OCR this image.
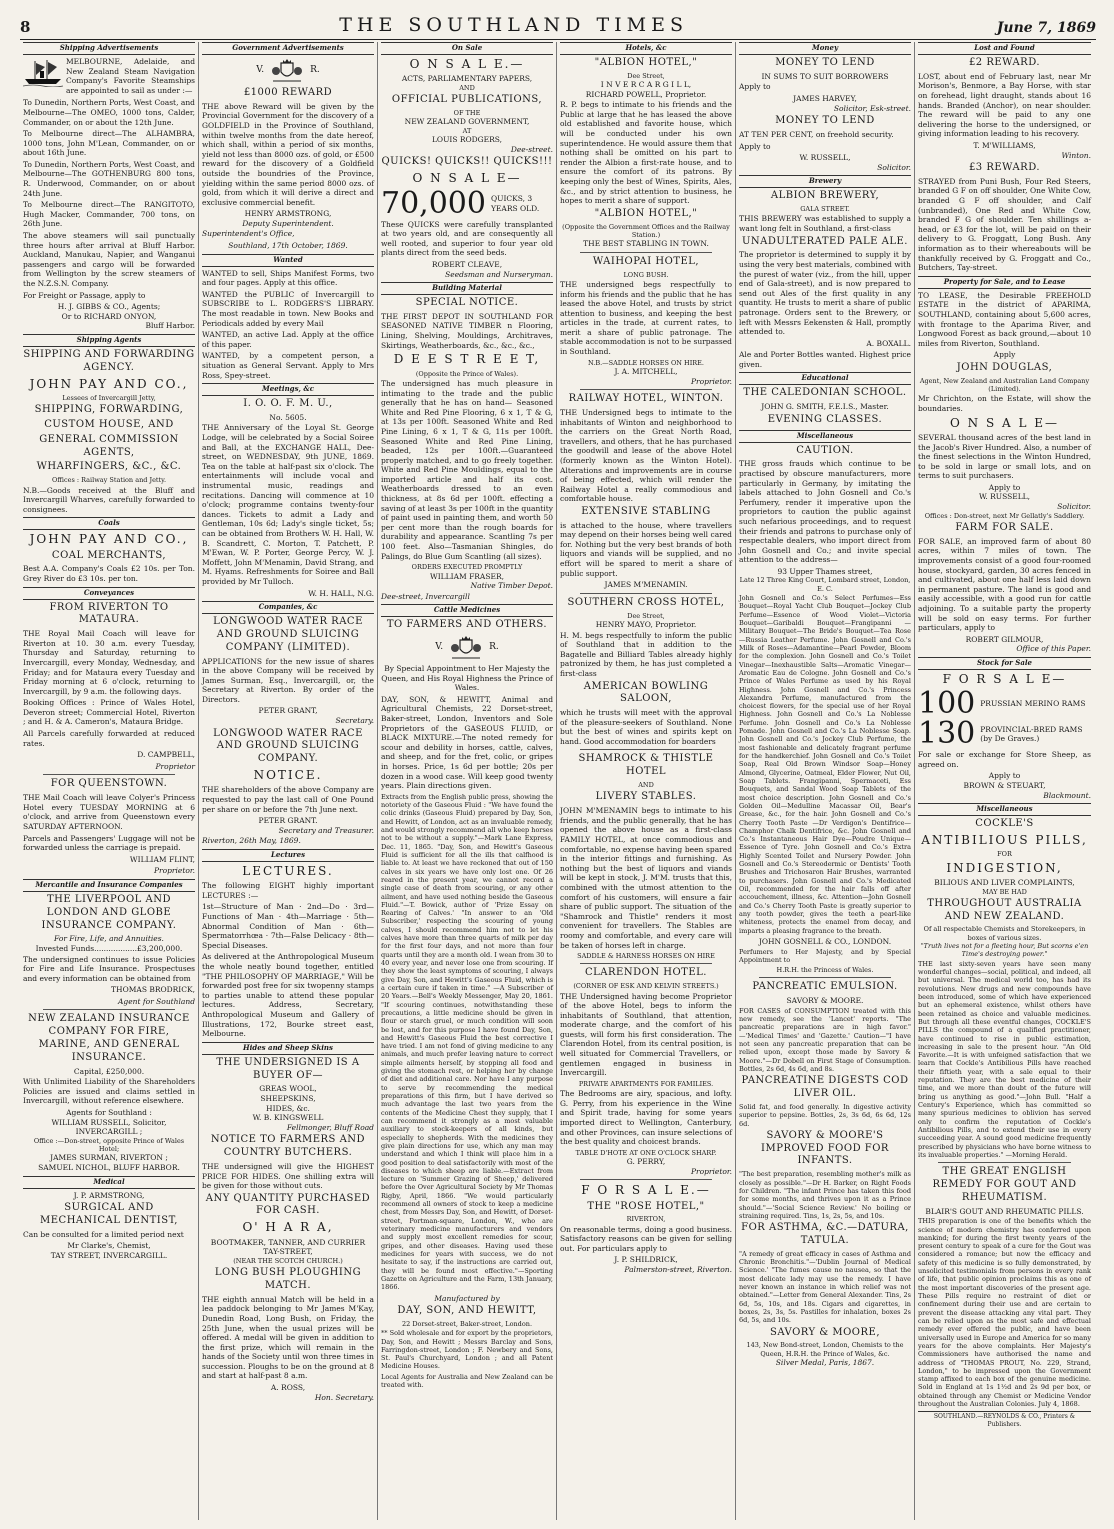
8	THE SOUTHLAND TIMES	June 7, 1869
Shipping Advertisements
MELBOURNE, Adelaide, and New Zealand Steam Navigation Company's Favorite Steamships are appointed to sail as under :—
To Dunedin, Northern Ports, West Coast, and Melbourne—The OMEO, 1000 tons, Calder, Commander, on or about the 12th June.
To Melbourne direct—The ALHAMBRA, 1000 tons, John M'Lean, Commander, on or about 16th June.
To Dunedin, Northern Ports, West Coast, and Melbourne—The GOTHENBURG 800 tons, R. Underwood, Commander, on or about 24th June.
To Melbourne direct—The RANGITOTO, Hugh Macker, Commander, 700 tons, on 26th June.
The above steamers will sail punctually three hours after arrival at Bluff Harbor. Auckland, Manukau, Napier, and Wanganui passengers and cargo will be forwarded from Wellington by the screw steamers of the N.Z.S.N. Company.
For Freight or Passage, apply to
H. J. GIBBS & CO., Agents;
Or to RICHARD ONYON,
Bluff Harbor.
Shipping Agents
SHIPPING AND FORWARDING AGENCY.
JOHN PAY AND CO.,
Lessees of Invercargill Jetty,
SHIPPING, FORWARDING,
CUSTOM HOUSE, AND
GENERAL COMMISSION AGENTS,
WHARFINGERS, &C., &C.
Offices : Railway Station and Jetty.
N.B.—Goods received at the Bluff and Invercargill Wharves, carefully forwarded to consignees.
Coals
JOHN PAY AND CO.,
COAL MERCHANTS,
Best A.A. Company's Coals £2 10s. per Ton. Grey River do £3 10s. per ton.
Conveyances
FROM RIVERTON TO MATAURA.
THE Royal Mail Coach will leave for Riverton at 10. 30 a.m. every Tuesday, Thursday and Saturday, returning to Invercargill, every Monday, Wednesday, and Friday; and for Mataura every Tuesday and Friday morning at 6 o'clock, returning to Invercargill, by 9 a.m. the following days.
Booking Offices : Prince of Wales Hotel, Deveron street; Commercial Hotel, Riverton ; and H. & A. Cameron's, Mataura Bridge.
All Parcels carefully forwarded at reduced rates.
D. CAMPBELL,
Proprietor
FOR QUEENSTOWN.
THE Mail Coach will leave Colyer's Princess Hotel every TUESDAY MORNING at 6 o'clock, and arrive from Queenstown every SATURDAY AFTERNOON.
Parcels and Passengers' Luggage will not be forwarded unless the carriage is prepaid.
WILLIAM FLINT,
Proprietor.
Mercantile and Insurance Companies
THE LIVERPOOL AND LONDON AND GLOBE INSURANCE COMPANY.
For Fire, Life, and Annuities.
Invested Funds..................£3,200,000.
The undersigned continues to issue Policies for Fire and Life Insurance. Prospectuses and every information can be obtained from
THOMAS BRODRICK,
Agent for Southland
NEW ZEALAND INSURANCE COMPANY FOR FIRE, MARINE, AND GENERAL INSURANCE.
Capital, £250,000.
With Unlimited Liability of the Shareholders Policies are issued and claims settled in Invercargill, without reference elsewhere.
Agents for Southland :
WILLIAM RUSSELL, Solicitor, INVERCARGILL ;
Office :—Don-street, opposite Prince of Wales Hotel;
JAMES SURMAN, RIVERTON ;
SAMUEL NICHOL, BLUFF HARBOR.
Medical
J. P. ARMSTRONG,
SURGICAL AND MECHANICAL DENTIST,
Can be consulted for a limited period next
Mr Clarke's, Chemist,
TAY STREET, INVERCARGILL.
Government Advertisements
V.	R.
£1000 REWARD
THE above Reward will be given by the Provincial Government for the discovery of a GOLDFIELD in the Province of Southland, within twelve months from the date hereof, which shall, within a period of six months, yield not less than 8000 ozs. of gold, or £500 reward for the discovery of a Goldfield outside the boundries of the Province, yielding within the same period 8000 ozs. of gold, from which it will derive a direct and exclusive commercial benefit.
HENRY ARMSTRONG,
Deputy Superintendent.
Superintendent's Office,
Southland, 17th October, 1869.
Wanted
WANTED to sell, Ships Manifest Forms, two and four pages. Apply at this office.
WANTED the PUBLIC of Invercargill to SUBSCRIBE to L. RODGERS'S LIBRARY. The most readable in town. New Books and Periodicals added by every Mail
WANTED, an active Lad. Apply at the office of this paper.
WANTED, by a competent person, a situation as General Servant. Apply to Mrs Ross, Spey-street.
Meetings, &c
I. O. O. F. M. U.,
No. 5605.
THE Anniversary of the Loyal St. George Lodge, will be celebrated by a Social Soiree and Ball, at the EXCHANGE HALL, Dee-street, on WEDNESDAY, 9th JUNE, 1869. Tea on the table at half-past six o'clock. The entertainments will include vocal and instrumental music, readings and recitations. Dancing will commence at 10 o'clock; programme contains twenty-four dances. Tickets to admit a Lady and Gentleman, 10s 6d; Lady's single ticket, 5s; can be obtained from Brothers W. H. Hall, W. B. Scandrett, C. Morton, T. Patchett, P. M'Ewan, W. P. Porter, George Percy, W. J. Moffett, John M'Menamin, David Strang, and M. Hyams. Refreshments for Soiree and Ball provided by Mr Tulloch.
W. H. HALL, N.G.
Companies, &c
LONGWOOD WATER RACE AND GROUND SLUICING COMPANY (LIMITED).
APPLICATIONS for the new issue of shares in the above Company will be received by James Surman, Esq., Invercargill, or, the Secretary at Riverton. By order of the Directors.
PETER GRANT,
Secretary.
LONGWOOD WATER RACE AND GROUND SLUICING COMPANY.
NOTICE.
THE shareholders of the above Company are requested to pay the last call of One Pound per share on or before the 7th June next.
PETER GRANT.
Secretary and Treasurer.
Riverton, 26th May, 1869.
Lectures
LECTURES.
The following EIGHT highly important LECTURES :—
1st—Structure of Man · 2nd—Do · 3rd—Functions of Man · 4th—Marriage · 5th—Abnormal Condition of Man · 6th—Spermatorrhœa · 7th—False Delicacy · 8th—Special Diseases.
As delivered at the Anthropological Museum the whole neatly bound together, entitled "THE PHILOSOPHY OF MARRIAGE," Will be forwarded post free for six twopenny stamps to parties unable to attend these popular lectures. Address, Secretary, Anthropological Museum and Gallery of Illustrations, 172, Bourke street east, Melbourne.
Hides and Sheep Skins
THE UNDERSIGNED IS A BUYER OF—
GREAS WOOL,
SHEEPSKINS,
HIDES, &c.
W. B. KINGSWELL
Fellmonger, Bluff Road
NOTICE TO FARMERS AND COUNTRY BUTCHERS.
THE undersigned will give the HIGHEST PRICE FOR HIDES. One shilling extra will be given for those without cuts.
ANY QUANTITY PURCHASED FOR CASH.
O' H A R A,
BOOTMAKER, TANNER, AND CURRIER TAY-STREET,
(NEAR THE SCOTCH CHURCH.)
LONG BUSH PLOUGHING MATCH.
THE eighth annual Match will be held in a lea paddock belonging to Mr James M'Kay, Dunedin Road, Long Bush, on Friday, the 25th June, when the usual prizes will be offered. A medal will be given in addition to the first prize, which will remain in the hands of the Society until won three times in succession. Ploughs to be on the ground at 8 and start at half-past 8 a.m.
A. ROSS,
Hon. Secretary.
On Sale
O N S A L E.—
ACTS, PARLIAMENTARY PAPERS,
AND
OFFICIAL PUBLICATIONS,
OF THE
NEW ZEALAND GOVERNMENT,
AT
LOUIS RODGERS,
Dee-street.
QUICKS! QUICKS!! QUICKS!!!
O N S A L E—
70,000 QUICKS, 3 YEARS OLD.
These QUICKS were carefully transplanted at two years old, and are consequently all well rooted, and superior to four year old plants direct from the seed beds.
ROBERT CLEAVE,
Seedsman and Nurseryman.
Building Material
SPECIAL NOTICE.
THE FIRST DEPOT IN SOUTHLAND FOR SEASONED NATIVE TIMBER n Flooring, Lining, Shelving, Mouldings, Architraves, Skirtings, Weatherboards, &c., &c., &c.,
D E E S T R E E T,
(Opposite the Prince of Wales).
The undersigned has much pleasure in intimating to the trade and the public generally that he has on hand— Seasoned White and Red Pine Flooring, 6 x 1, T & G, at 13s per 100ft. Seasoned White and Red Pine Lining, 6 x 1, T & G, 11s per 100ft. Seasoned White and Red Pine Lining, beaded, 12s per 100ft.—Guaranteed properly matched, and to go freely together. White and Red Pine Mouldings, equal to the imported article and half its cost. Weatherboards dressed to an even thickness, at 8s 6d per 100ft. effecting a saving of at least 3s per 100ft in the quantity of paint used in painting them, and worth 50 per cent more than the rough boards for durability and appearance. Scantling 7s per 100 feet. Also—Tasmanian Shingles, do Palings, do Blue Gum Scantling (all sizes).
ORDERS EXECUTED PROMPTLY
WILLIAM FRASER,
Native Timber Depot.
Dee-street, Invercargill
Cattle Medicines
TO FARMERS AND OTHERS.
V.	R.
By Special Appointment to Her Majesty the Queen, and His Royal Highness the Prince of Wales.
DAY, SON, & HEWITT, Animal and Agricultural Chemists, 22 Dorset-street, Baker-street, London, Inventors and Sole Proprietors of the GASEOUS FLUID, or BLACK MIXTURE.—The noted remedy for scour and debility in horses, cattle, calves, and sheep, and for the fret, colic, or gripes in horses. Price, 1s 6d per bottle; 20s per dozen in a wood case. Will keep good twenty years. Plain directions given.
Extracts from the English public press, showing the notoriety of the Gaseous Fluid : "We have found the colic drinks (Gaseous Fluid) prepared by Day, Son, and Hewitt, of London, act as an invaluable remedy, and would strongly recommend all who keep horses not to be without a supply."—Mark Lane Express, Dec. 11, 1865. "Day, Son, and Hewitt's Gaseous Fluid is sufficient for all the ills that calfhood is liable to. At least we have reckoned that out of 150 calves in six years we have only lost one. Of 26 reared in the present year, we cannot record a single case of death from scouring, or any other ailment, and have used nothing beside the Gaseous Fluid."—T. Bowick, author of 'Prize Essay on Rearing of Calves.' "In answer to an 'Old Subscriber,' respecting the scouring of young calves, I should recommend him not to let his calves have more than three quarts of milk per day for the first four days, and not more than four quarts until they are a month old. I wean from 30 to 40 every year, and never lose one from scouring. If they show the least symptoms of scouring, I always give Day, Son, and Hewitt's Gaseous Fluid, which is a certain cure if taken in time." —A Subscriber of 20 Years.—Bell's Weekly Messenger, May 20, 1861. "If scouring continues, notwithstanding these precautions, a little medicine should be given in flour or starch gruel, or much condition will soon be lost, and for this purpose I have found Day, Son, and Hewitt's Gaseous Fluid the best corrective I have tried. I am not fond of giving medicine to any animals, and much prefer leaving nature to correct simple ailments herself, by stopping all food and giving the stomach rest, or helping her by change of diet and additional care. Nor have I any purpose to serve by recommending the medical preparations of this firm, but I have derived so much advantage the last two years from the contents of the Medicine Chest they supply, that I can recommend it strongly as a most valuable auxiliary to stock-keepers of all kinds, but especially to shepherds. With the medicines they give plain directions for use, which any man may understand and which I think will place him in a good position to deal satisfactorily with most of the diseases to which sheep are liable.—Extract from lecture on 'Summer Grazing of Sheep,' delivered before the Over Agricultural Society by Mr Thomas Rigby, April, 1866. "We would particularly recommend all owners of stock to keep a medicine chest, from Messrs Day, Son, and Hewitt, of Dorset-street, Portman-square, London, W., who are veterinary medicine manufacturers and vendors and supply most excellent remedies for scour, gripes, and other diseases. Having used these medicines for years with success, we do not hesitate to say, if the instructions are carried out, they will be found most effective."—Sporting Gazette on Agriculture and the Farm, 13th January, 1866.
Manufactured by
DAY, SON, AND HEWITT,
22 Dorset-street, Baker-street, London.
** Sold wholesale and for export by the proprietors, Day, Son, and Hewitt ; Messrs Barclay and Sons, Farringdon-street, London ; F. Newbery and Sons, St. Paul's Churchyard, London ; and all Patent Medicine Houses.
Local Agents for Australia and New Zealand can be treated with.
Hotels, &c
"ALBION HOTEL,"
Dee Street,
I N V E R C A R G I L L,
RICHARD POWELL, Proprietor.
R. P. begs to intimate to his friends and the Public at large that he has leased the above old established and favorite house, which will be conducted under his own superintendence. He would assure them that nothing shall be omitted on his part to render the Albion a first-rate house, and to ensure the comfort of its patrons. By keeping only the best of Wines, Spirits, Ales, &c., and by strict attention to business, he hopes to merit a share of support.
"ALBION HOTEL,"
(Opposite the Government Offices and the Railway Station.)
THE BEST STABLING IN TOWN.
WAIHOPAI HOTEL,
LONG BUSH.
THE undersigned begs respectfully to inform his friends and the public that he has leased the above Hotel, and trusts by strict attention to business, and keeping the best articles in the trade, at current rates, to merit a share of public patronage. The stable accommodation is not to be surpassed in Southland.
N.B.—SADDLE HORSES ON HIRE.
J. A. MITCHELL,
Proprietor.
RAILWAY HOTEL, WINTON.
THE Undersigned begs to intimate to the inhabitants of Winton and neighborhood to the carriers on the Great North Road, travellers, and others, that he has purchased the goodwill and lease of the above Hotel (formerly known as the Winton Hotel). Alterations and improvements are in course of being effected, which will render the Railway Hotel a really commodious and comfortable house.
EXTENSIVE STABLING
is attached to the house, where travellers may depend on their horses being well cared for. Nothing but the very best brands of both liquors and viands will be supplied, and no effort will be spared to merit a share of public support.
JAMES M'MENAMIN.
SOUTHERN CROSS HOTEL,
Dee Street,
HENRY MAYO, Proprietor.
H. M. begs respectfully to inform the public of Southland that in addition to the Bagatelle and Billiard Tables already highly patronized by them, he has just completed a first-class
AMERICAN BOWLING SALOON,
which he trusts will meet with the approval of the pleasure-seekers of Southland. None but the best of wines and spirits kept on hand. Good accommodation for boarders
SHAMROCK & THISTLE HOTEL
AND
LIVERY STABLES.
JOHN M'MENAMIN begs to intimate to his friends, and the public generally, that he has opened the above house as a first-class FAMILY HOTEL, at once commodious and comfortable, no expense having been spared in the interior fittings and furnishing. As nothing but the best of liquors and viands will be kept in stock, J. M'M. trusts that this, combined with the utmost attention to the comfort of his customers, will ensure a fair share of public support. The situation of the "Shamrock and Thistle" renders it most convenient for travellers. The Stables are roomy and comfortable, and every care will be taken of horses left in charge.
SADDLE & HARNESS HORSES ON HIRE
CLARENDON HOTEL.
(CORNER OF ESK AND KELVIN STREETS.)
THE Undersigned having become Proprietor of the above Hotel, begs to inform the inhabitants of Southland, that attention, moderate charge, and the comfort of his guests, will form his first consideration. The Clarendon Hotel, from its central position, is well situated for Commercial Travellers, or gentlemen engaged in business in Invercargill.
PRIVATE APARTMENTS FOR FAMILIES.
The Bedrooms are airy, spacious, and lofty. G. Perry, from his experience in the Wine and Spirit trade, having for some years imported direct to Wellington, Canterbury, and other Provinces, can insure selections of the best quality and choicest brands.
TABLE D'HOTE AT ONE O'CLOCK SHARP.
G. PERRY,
Proprietor.
F O R S A L E.—
THE "ROSE HOTEL,"
RIVERTON,
On reasonable terms, doing a good business. Satisfactory reasons can be given for selling out. For particulars apply to
J. P. SHILDRICK,
Palmerston-street, Riverton.
Money
MONEY TO LEND
IN SUMS TO SUIT BORROWERS
Apply to
JAMES HARVEY,
Solicitor, Esk-street.
MONEY TO LEND
AT TEN PER CENT, on freehold security.
Apply to
W. RUSSELL,
Solicitor.
Brewery
ALBION BREWERY,
GALA STREET.
THIS BREWERY was established to supply a want long felt in Southland, a first-class
UNADULTERATED PALE ALE.
The proprietor is determined to supply it by using the very best materials, combined with the purest of water (viz., from the hill, upper end of Gala-street), and is now prepared to send out Ales of the first quality in any quantity. He trusts to merit a share of public patronage. Orders sent to the Brewery, or left with Messrs Eekensten & Hall, promptly attended to.
A. BOXALL.
Ale and Porter Bottles wanted. Highest price given.
Educational
THE CALEDONIAN SCHOOL.
JOHN G. SMITH, F.E.I.S., Master.
EVENING CLASSES.
Miscellaneous
CAUTION.
THE gross frauds which continue to be practised by obscure manufacturers, more particularly in Germany, by imitating the labels attached to John Gosnell and Co.'s Perfumery, render it imperative upon the proprietors to caution the public against such nefarious proceedings, and to request their friends and patrons to purchase only of respectable dealers, who import direct from John Gosnell and Co.; and invite special attention to the address—
93 Upper Thames street,
Late 12 Three King Court, Lombard street, London, E. C.
John Gosnell and Co.'s Select Perfumes—Ess Bouquet—Royal Yacht Club Bouquet—Jockey Club Perfume—Essence of Wood Violet—Victoria Bouquet—Garibaldi Bouquet—Frangipanni —Military Bouquet—The Bride's Bouquet—Tea Rose—Russia Leather Perfume. John Gosnell and Co.'s Milk of Roses—Adamantine—Pearl Powder, Bloom for the complexion. John Gosnell and Co.'s Toilet Vinegar—Inexhaustible Salts—Aromatic Vinegar—Aromatic Eau de Cologne. John Gosnell and Co.'s Prince of Wales Perfume as used by his Royal Highness. John Gosnell and Co.'s Princess Alexandra Perfume, manufactured from the choicest flowers, for the special use of her Royal Highness. John Gosnell and Co.'s La Noblesse Perfume. John Gosnell and Co.'s La Noblesse Pomade. John Gosnell and Co.'s La Noblesse Soap. John Gosnell and Co.'s Jockey Club Perfume, the most fashionable and delicately fragrant perfume for the handkerchief. John Gosnell and Co.'s Toilet Soap, Real Old Brown Windsor Soap—Honey Almond, Glycerine, Oatmeal, Elder Flower, Nut Oil, Soap Tablets. Frangipanni, Spermaceti, Ess Bouquets, and Sandal Wood Soap Tablets of the most choice description. John Gosnell and Co.'s Golden Oil—Medulline Macassar Oil, Bear's Grease, &c., for the hair. John Gosnell and Co.'s Cherry Tooth Paste —Dr Verdigon's Dentifrice—Champhor Chalk Dentifrice, &c. John Gosnell and Co.'s Instantaneous Hair Dye—Poudre Unique—Essence of Tyre. John Gosnell and Co.'s Extra Highly Scented Toilet and Nursery Powder. John Gosnell and Co.'s Stereodermic or Dentists' Tooth Brushes and Trichosaron Hair Brushes, warranted to purchasers. John Gosnell and Co.'s Medicated Oil, recommended for the hair falls off after accouchement, illness, &c. Attention—John Gosnell and Co.'s Cherry Tooth Paste is greatly superior to any tooth powder, gives the teeth a pearl-like whiteness, protects the enamel from decay, and imparts a pleasing fragrance to the breath.
JOHN GOSNELL & CO., LONDON.
Perfumers to Her Majesty, and by Special Appointment to
H.R.H. the Princess of Wales.
PANCREATIC EMULSION.
SAVORY & MOORE.
FOR CASES of CONSUMPTION treated with this new remedy, see the 'Lancet' reports. "The pancreatic preparations are in high favor." —'Medical Times' and 'Gazette.' Caution—"I have not seen any pancreatic preparation that can be relied upon, except those made by Savory & Moore."—Dr Dobell on First Stage of Consumption. Bottles, 2s 6d, 4s 6d, and 8s.
PANCREATINE DIGESTS COD LIVER OIL.
Solid fat, and food generally. In digestive activity superior to pepsine. Bottles, 2s, 3s 6d, 6s 6d, 12s 6d.
SAVORY & MOORE'S IMPROVED FOOD FOR INFANTS.
"The best preparation, resembling mother's milk as closely as possible."—Dr H. Barker, on Right Foods for Children. "The infant Prince has taken this food for some months, and thrives upon it as a Prince should."—'Social Science Review.' No boiling or straining required. Tins, 1s, 2s, 5s, and 10s.
FOR ASTHMA, &C.—DATURA, TATULA.
"A remedy of great efficacy in cases of Asthma and Chronic Bronchitis."—'Dublin Journal of Medical Science.' "The fumes cause no nausea, so that the most delicate lady may use the remedy. I have never known an instance in which relief was not obtained."—Letter from General Alexander. Tins, 2s 6d, 5s, 10s, and 18s. Cigars and cigarettes, in boxes, 2s, 3s, 5s. Pastilles for inhalation, boxes 2s 6d, 5s, and 10s.
SAVORY & MOORE,
143, New Bond-street, London, Chemists to the Queen, H.R.H. the Prince of Wales, &c.
Silver Medal, Paris, 1867.
Lost and Found
£2 REWARD.
LOST, about end of February last, near Mr Morison's, Benmore, a Bay Horse, with star on forehead, light draught, stands about 16 hands. Branded (Anchor), on near shoulder. The reward will be paid to any one delivering the horse to the undersigned, or giving information leading to his recovery.
T. M'WILLIAMS,
Winton.
£3 REWARD.
STRAYED from Puni Bush, Four Red Steers, branded G F on off shoulder, One White Cow, branded G F off shoulder, and Calf (unbranded), One Red and White Cow, branded F G of shoulder. Ten shillings a-head, or £3 for the lot, will be paid on their delivery to G. Froggatt, Long Bush. Any information as to their whereabouts will be thankfully received by G. Froggatt and Co., Butchers, Tay-street.
Property for Sale, and to Lease
TO LEASE, the Desirable FREEHOLD ESTATE in the district of APARIMA, SOUTHLAND, containing about 5,600 acres, with frontage to the Aparima River, and Longwood Forest as back ground,—about 10 miles from Riverton, Southland.
Apply
JOHN DOUGLAS,
Agent, New Zealand and Australian Land Company (Limited).
Mr Chrichton, on the Estate, will show the boundaries.
O N S A L E—
SEVERAL thousand acres of the best land in the Jacob's River Hundred. Also, a number of the finest selections in the Winton Hundred, to be sold in large or small lots, and on terms to suit purchasers.
Apply to
W. RUSSELL,
Solicitor.
Offices : Don-street, next Mr Gellatly's Saddlery.
FARM FOR SALE.
FOR SALE, an improved farm of about 80 acres, within 7 miles of town. The improvements consist of a good four-roomed house, stockyard, garden, 30 acres fenced in and cultivated, about one half less laid down in permanent pasture. The land is good and easily accessible, with a good run for cattle adjoining. To a suitable party the property will be sold on easy terms. For further particulars, apply to
ROBERT GILMOUR,
Office of this Paper.
Stock for Sale
F O R S A L E—
100 PRUSSIAN MERINO RAMS
130 PROVINCIAL-BRED RAMS (by De Graves.)
For sale or exchange for Store Sheep, as agreed on.
Apply to
BROWN & STEUART,
Blackmount.
Miscellaneous
COCKLE'S
ANTIBILIOUS PILLS,
FOR
INDIGESTION,
BILIOUS AND LIVER COMPLAINTS,
MAY BE HAD
THROUGHOUT AUSTRALIA AND NEW ZEALAND.
Of all respectable Chemists and Storekeepers, in boxes of various sizes.
"Truth lives not for a fleeting hour, But scorns e'en Time's destroying power."
THE last sixty-seven years have seen many wonderful changes—social, political, and indeed, all but universal. The medical world too, has had its revolutions. New drugs and new compounds have been introduced, some of which have experienced but an ephemeral existence, whilst others have been retained as choice and valuable medicines. But through all these eventful changes, COCKLE'S PILLS the compound of a qualified practitioner, have continued to rise in public estimation, increasing in sale to the present hour. "An Old Favorite.—It is with unfeigned satisfaction that we learn that Cockle's Antibilious Pills have reached their fiftieth year, with a sale equal to their reputation. They are the best medicine of their time, and we more than doubt of the future will bring us anything as good."—John Bull. "Half a Century's Experience, which has committed so many spurious medicines to oblivion has served only to confirm the reputation of Cockle's Antibilious Pills, and to extend their use in every succeeding year. A sound good medicine frequently prescribed by physicians who have borne witness to its invaluable properties." —Morning Herald.
THE GREAT ENGLISH REMEDY FOR GOUT AND RHEUMATISM.
BLAIR'S GOUT AND RHEUMATIC PILLS.
THIS preparation is one of the benefits which the science of modern chemistry has conferred upon mankind; for during the first twenty years of the present century to speak of a cure for the Gout was considered a romance; but now the efficacy and safety of this medicine is so fully demonstrated, by unsolicited testimonials from persons in every rank of life, that public opinion proclaims this as one of the most important discoveries of the present age. These Pills require no restraint of diet or confinement during their use and are certain to prevent the disease attacking any vital part. They can be relied upon as the most safe and effectual remedy ever offered the public, and have been universally used in Europe and America for so many years for the above complaints. Her Majesty's Commissioners have authorised the name and address of "THOMAS PROUT, No. 229, Strand, London," to be impressed upon the Government stamp affixed to each box of the genuine medicine. Sold in England at 1s 1½d and 2s 9d per box, or obtained through any Chemist or Medicine Vendor throughout the Australian Colonies. July 4, 1868.
SOUTHLAND.—REYNOLDS & CO., Printers & Publishers.
